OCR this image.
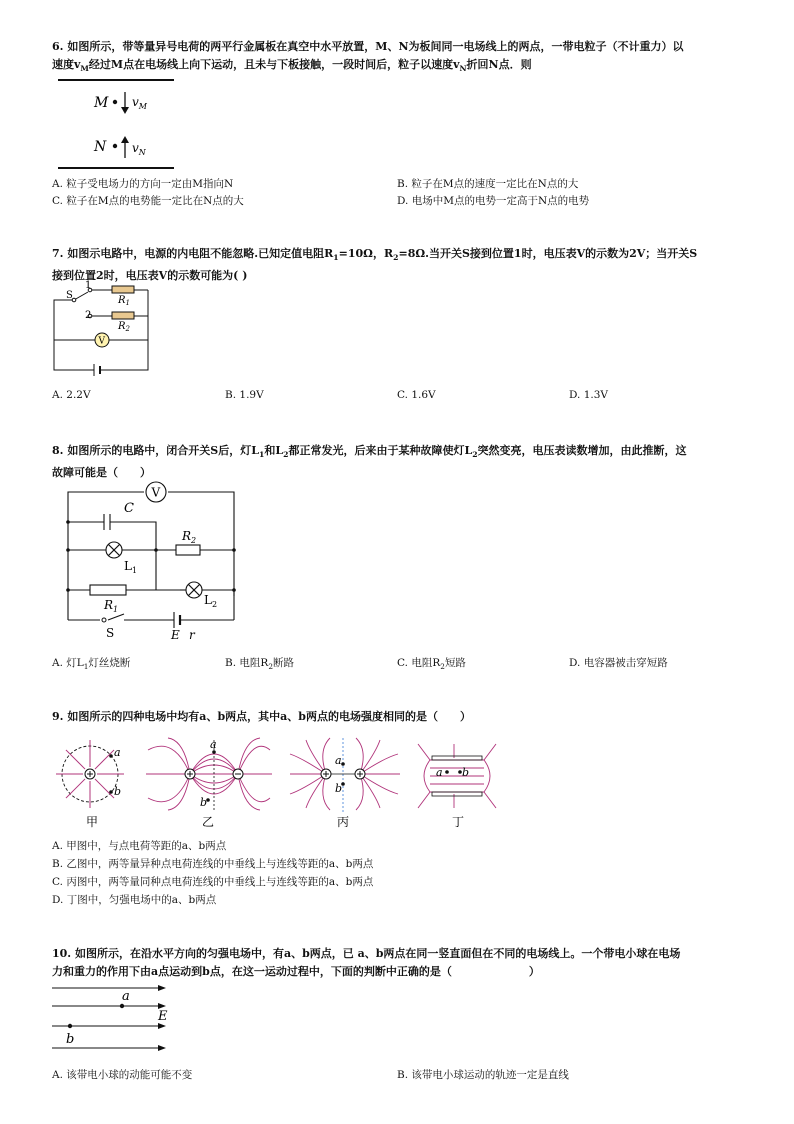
6. 如图所示，带等量异号电荷的两平行金属板在真空中水平放置，M、N为板间同一电场线上的两点，一带电粒子（不计重力）以
速度$v_M$经过M点在电场线上向下运动，且未与下板接触，一段时间后，粒子以速度$v_N$折回N点．则
M $v_M$
N $v_N$
A. 粒子受电场力的方向一定由M指向N	B. 粒子在M点的速度一定比在N点的大
C. 粒子在M点的电势能一定比在N点的大	D. 电场中M点的电势一定高于N点的电势
7. 如图示电路中，电源的内电阻不能忽略.已知定值电阻$R_1=10\Omega$，$R_2=8\Omega$.当开关S接到位置1时，电压表V的示数为2V；当开关S
接到位置2时，电压表V的示数可能为( )
V
S
1
2
$R_1$
$R_2$
A. 2.2V	B. 1.9V	C. 1.6V	D. 1.3V
8. 如图所示的电路中，闭合开关S后，灯$L_1$和$L_2$都正常发光，后来由于某种故障使灯$L_2$突然变亮，电压表读数增加，由此推断，这
故障可能是（　　）
V
C
$R_2$
$L_1$
$R_1$
$L_2$
S	E r
A. 灯$L_1$灯丝烧断	B. 电阻$R_2$断路	C. 电阻$R_2$短路	D. 电容器被击穿短路
9. 如图所示的四种电场中均有a、b两点，其中a、b两点的电场强度相同的是（　　）
a
b
甲
a
b
乙
a
b
丙
a b
丁
A. 甲图中，与点电荷等距的a、b两点
B. 乙图中，两等量异种点电荷连线的中垂线上与连线等距的a、b两点
C. 丙图中，两等量同种点电荷连线的中垂线上与连线等距的a、b两点
D. 丁图中，匀强电场中的a、b两点
10. 如图所示，在沿水平方向的匀强电场中，有a、b两点，已 a、b两点在同一竖直面但在不同的电场线上。一个带电小球在电场
力和重力的作用下由a点运动到b点，在这一运动过程中，下面的判断中正确的是（　　　　　　　）
a
b
E
A. 该带电小球的动能可能不变	B. 该带电小球运动的轨迹一定是直线
